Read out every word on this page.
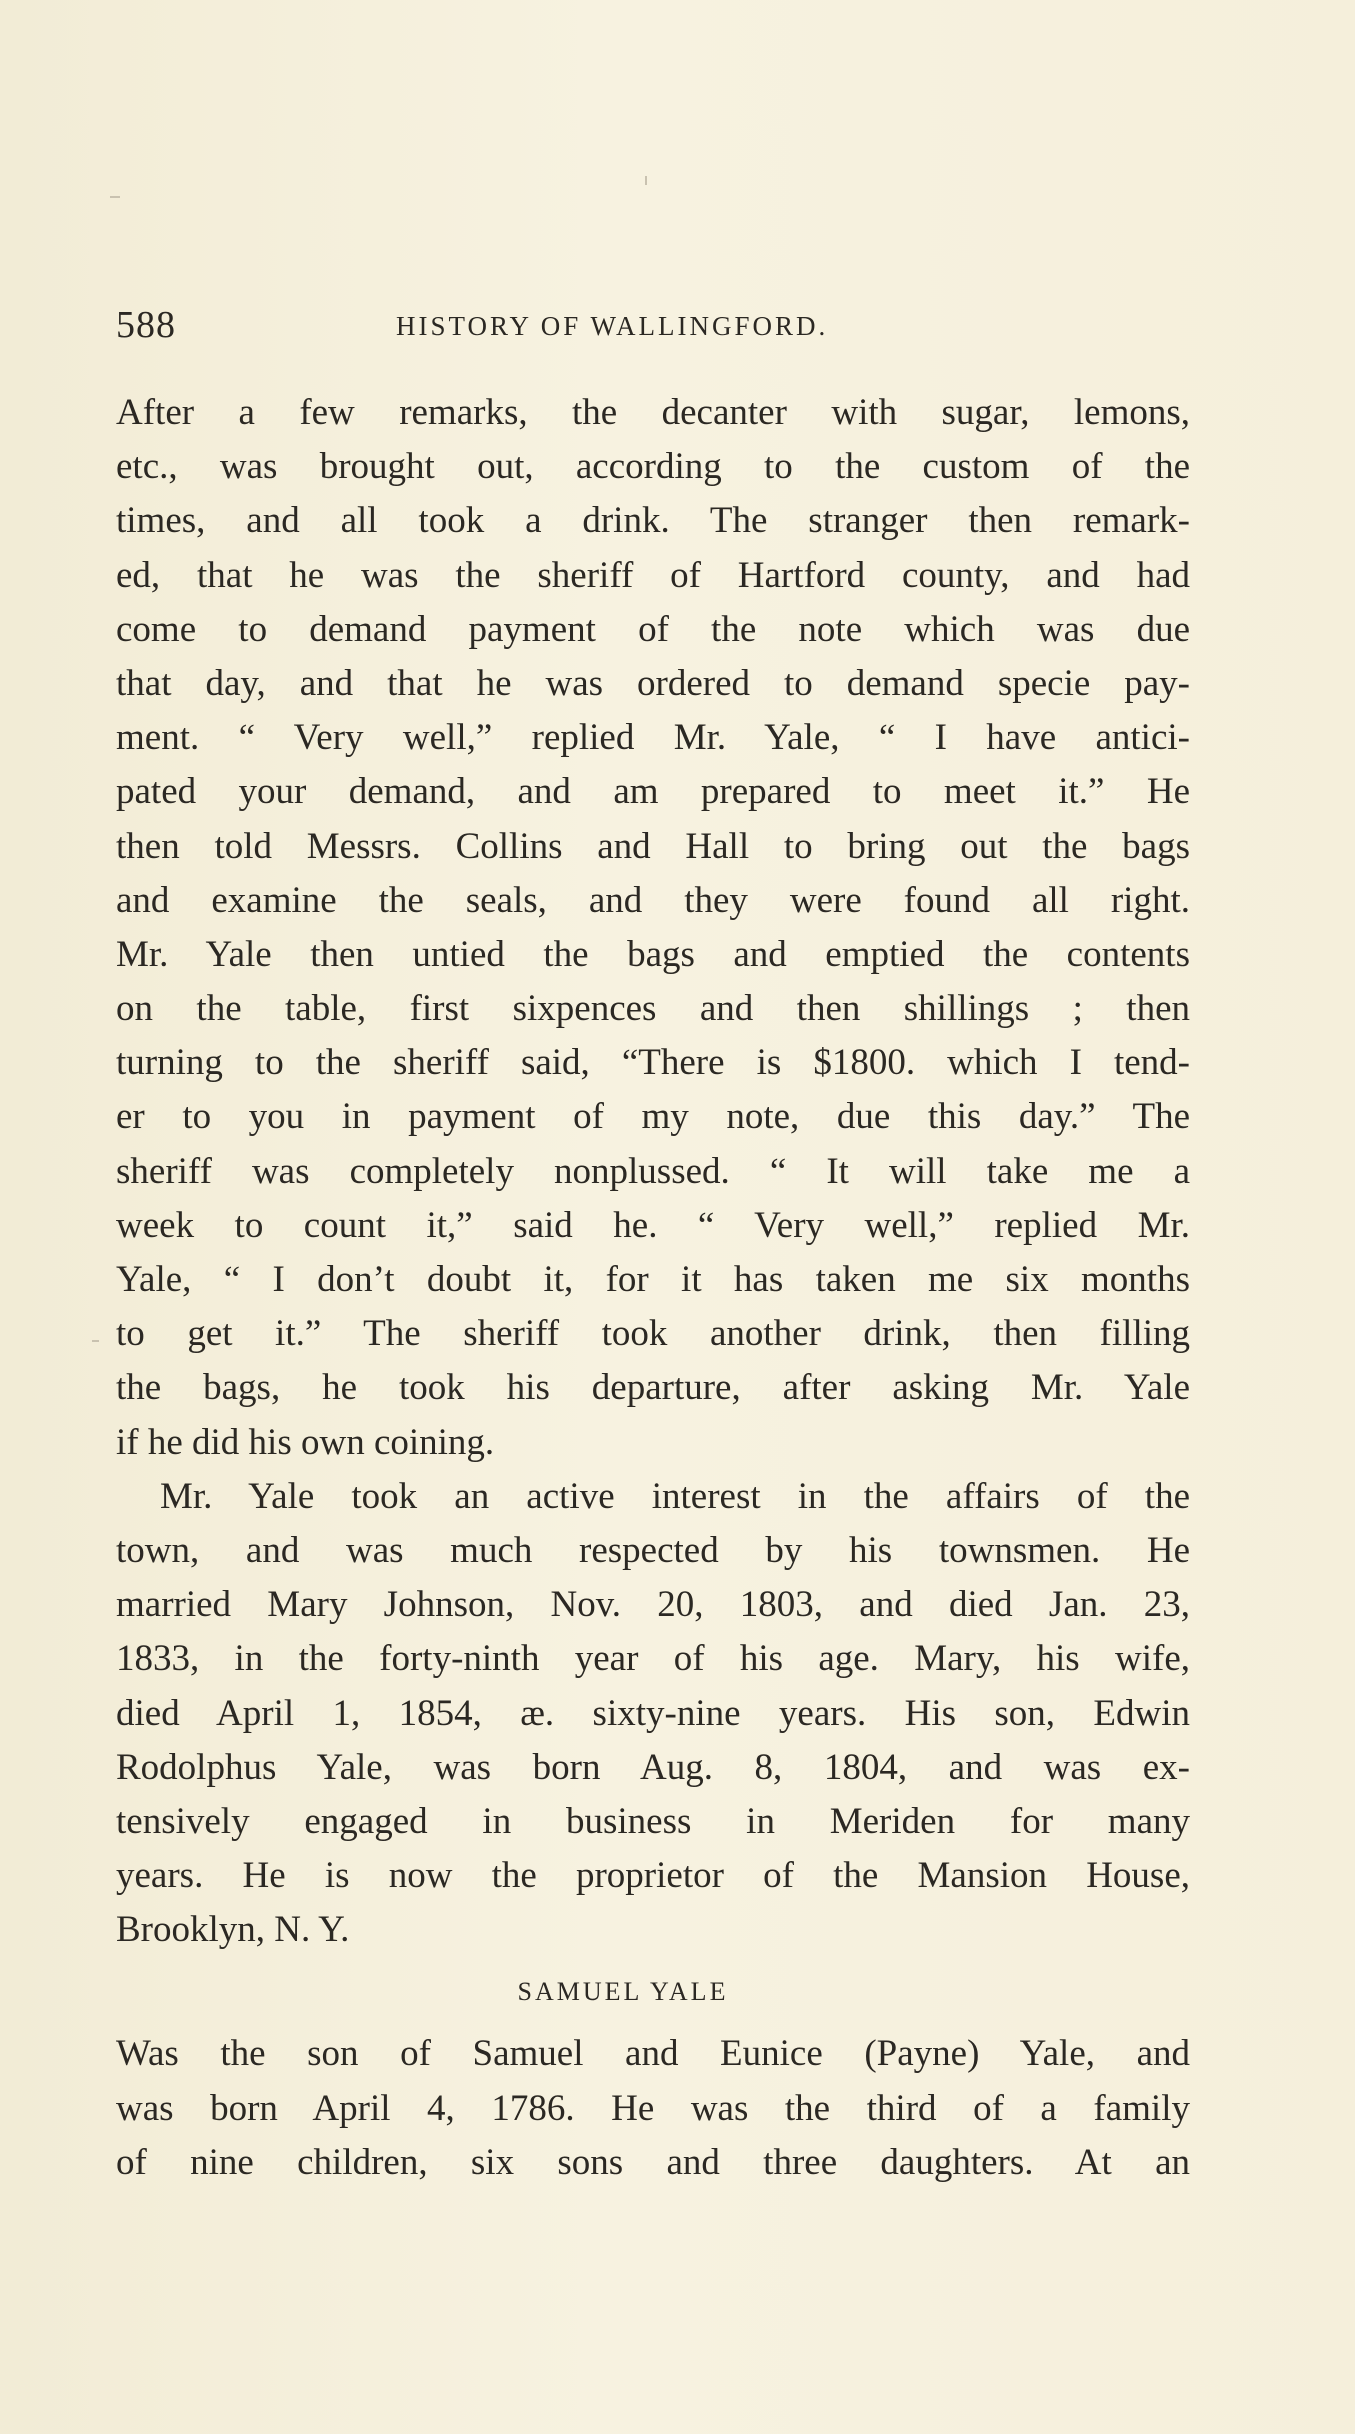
588	HISTORY OF WALLINGFORD.
After a few remarks, the decanter with sugar, lemons,
etc., was brought out, according to the custom of the
times, and all took a drink. The stranger then remark-
ed, that he was the sheriff of Hartford county, and had
come to demand payment of the note which was due
that day, and that he was ordered to demand specie pay-
ment. “ Very well,” replied Mr. Yale, “ I have antici-
pated your demand, and am prepared to meet it.” He
then told Messrs. Collins and Hall to bring out the bags
and examine the seals, and they were found all right.
Mr. Yale then untied the bags and emptied the contents
on the table, first sixpences and then shillings ; then
turning to the sheriff said, “There is $1800. which I tend-
er to you in payment of my note, due this day.” The
sheriff was completely nonplussed. “ It will take me a
week to count it,” said he. “ Very well,” replied Mr.
Yale, “ I don’t doubt it, for it has taken me six months
to get it.” The sheriff took another drink, then filling
the bags, he took his departure, after asking Mr. Yale
if he did his own coining.
Mr. Yale took an active interest in the affairs of the
town, and was much respected by his townsmen. He
married Mary Johnson, Nov. 20, 1803, and died Jan. 23,
1833, in the forty-ninth year of his age. Mary, his wife,
died April 1, 1854, æ. sixty-nine years. His son, Edwin
Rodolphus Yale, was born Aug. 8, 1804, and was ex-
tensively engaged in business in Meriden for many
years. He is now the proprietor of the Mansion House,
Brooklyn, N. Y.
SAMUEL YALE
Was the son of Samuel and Eunice (Payne) Yale, and
was born April 4, 1786. He was the third of a family
of nine children, six sons and three daughters. At an
